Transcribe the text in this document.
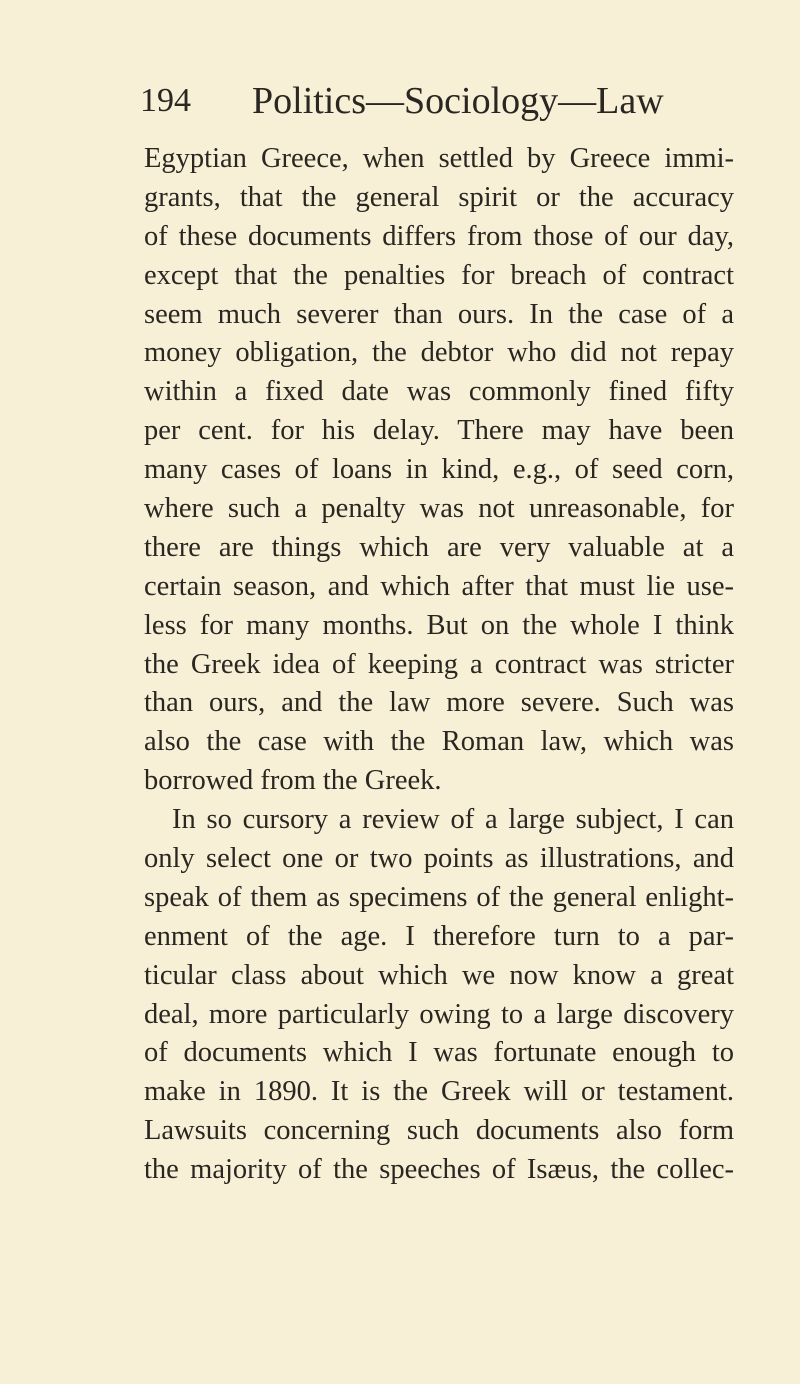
194 Politics—Sociology—Law
Egyptian Greece, when settled by Greece immi-
grants, that the general spirit or the accuracy
of these documents differs from those of our day,
except that the penalties for breach of contract
seem much severer than ours. In the case of a
money obligation, the debtor who did not repay
within a fixed date was commonly fined fifty
per cent. for his delay. There may have been
many cases of loans in kind, e.g., of seed corn,
where such a penalty was not unreasonable, for
there are things which are very valuable at a
certain season, and which after that must lie use-
less for many months. But on the whole I think
the Greek idea of keeping a contract was stricter
than ours, and the law more severe. Such was
also the case with the Roman law, which was
borrowed from the Greek.
In so cursory a review of a large subject, I can
only select one or two points as illustrations, and
speak of them as specimens of the general enlight-
enment of the age. I therefore turn to a par-
ticular class about which we now know a great
deal, more particularly owing to a large discovery
of documents which I was fortunate enough to
make in 1890. It is the Greek will or testament.
Lawsuits concerning such documents also form
the majority of the speeches of Isæus, the collec-
